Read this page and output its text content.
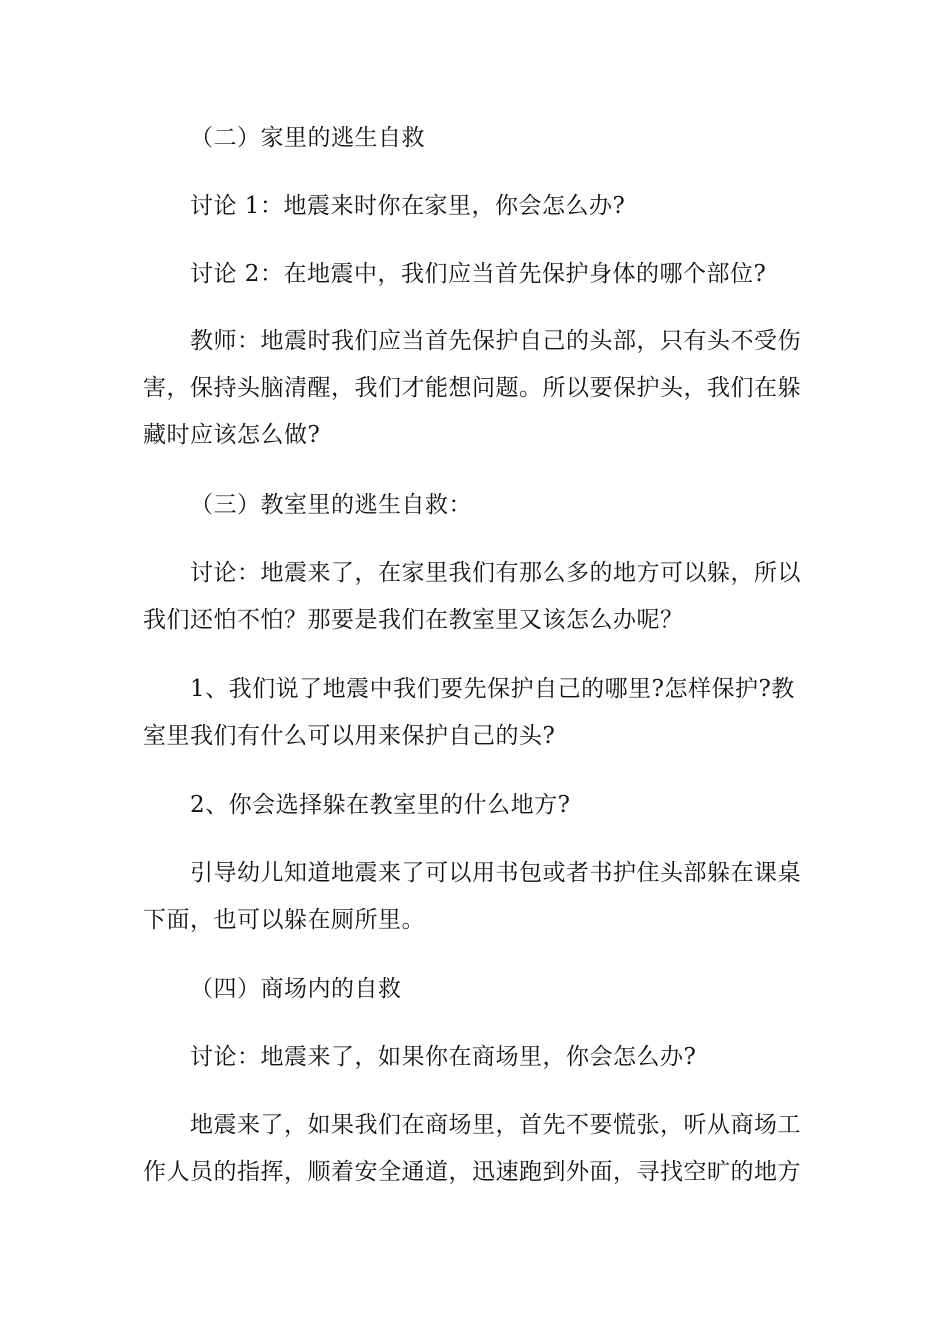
（二）家里的逃生自救

讨论 1：地震来时你在家里，你会怎么办?

讨论 2：在地震中，我们应当首先保护身体的哪个部位?

教师：地震时我们应当首先保护自己的头部，只有头不受伤害，保持头脑清醒，我们才能想问题。所以要保护头，我们在躲藏时应该怎么做?

（三）教室里的逃生自救：

讨论：地震来了，在家里我们有那么多的地方可以躲，所以我们还怕不怕？那要是我们在教室里又该怎么办呢？

1、我们说了地震中我们要先保护自己的哪里?怎样保护?教室里我们有什么可以用来保护自己的头?

2、你会选择躲在教室里的什么地方?

引导幼儿知道地震来了可以用书包或者书护住头部躲在课桌下面，也可以躲在厕所里。

（四）商场内的自救

讨论：地震来了，如果你在商场里，你会怎么办?

地震来了，如果我们在商场里，首先不要慌张，听从商场工作人员的指挥，顺着安全通道，迅速跑到外面，寻找空旷的地方
